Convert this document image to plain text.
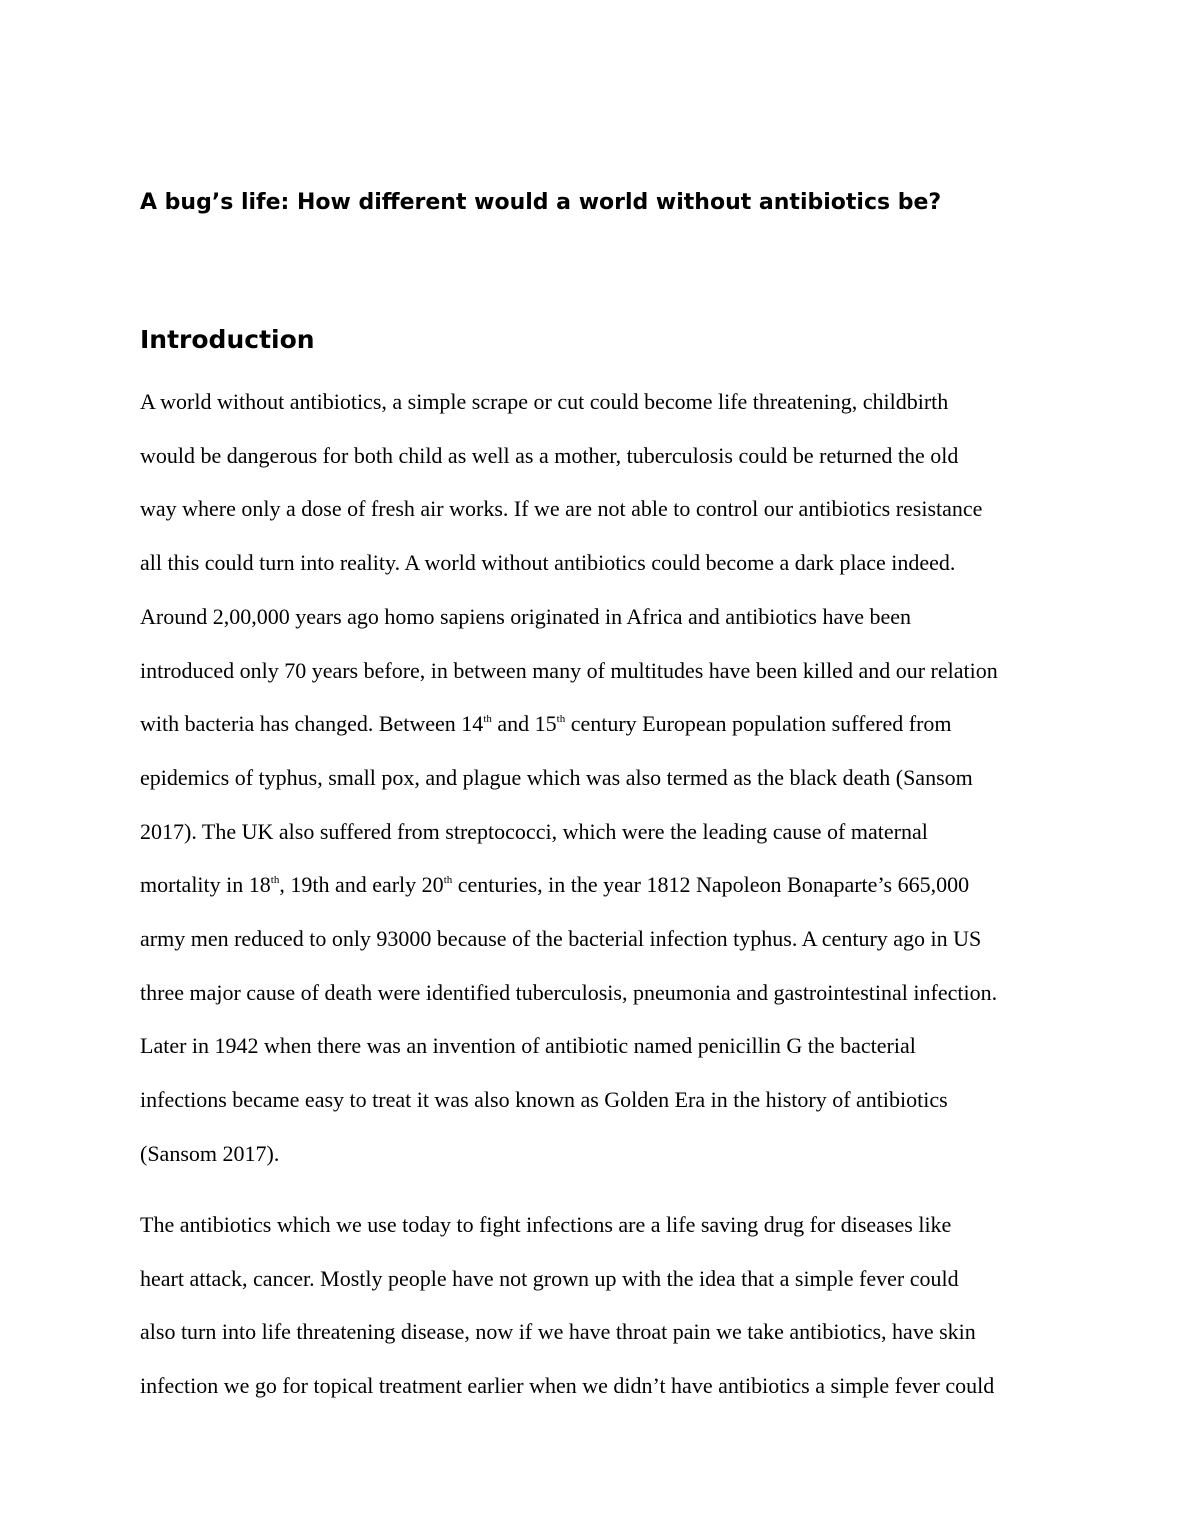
A bug’s life: How different would a world without antibiotics be?
Introduction

A world without antibiotics, a simple scrape or cut could become life threatening, childbirth
would be dangerous for both child as well as a mother, tuberculosis could be returned the old
way where only a dose of fresh air works. If we are not able to control our antibiotics resistance
all this could turn into reality. A world without antibiotics could become a dark place indeed.
Around 2,00,000 years ago homo sapiens originated in Africa and antibiotics have been
introduced only 70 years before, in between many of multitudes have been killed and our relation
with bacteria has changed. Between 14th and 15th century European population suffered from
epidemics of typhus, small pox, and plague which was also termed as the black death (Sansom
2017). The UK also suffered from streptococci, which were the leading cause of maternal
mortality in 18th, 19th and early 20th centuries, in the year 1812 Napoleon Bonaparte’s 665,000
army men reduced to only 93000 because of the bacterial infection typhus. A century ago in US
three major cause of death were identified tuberculosis, pneumonia and gastrointestinal infection.
Later in 1942 when there was an invention of antibiotic named penicillin G the bacterial
infections became easy to treat it was also known as Golden Era in the history of antibiotics
(Sansom 2017).

The antibiotics which we use today to fight infections are a life saving drug for diseases like
heart attack, cancer. Mostly people have not grown up with the idea that a simple fever could
also turn into life threatening disease, now if we have throat pain we take antibiotics, have skin
infection we go for topical treatment earlier when we didn’t have antibiotics a simple fever could
